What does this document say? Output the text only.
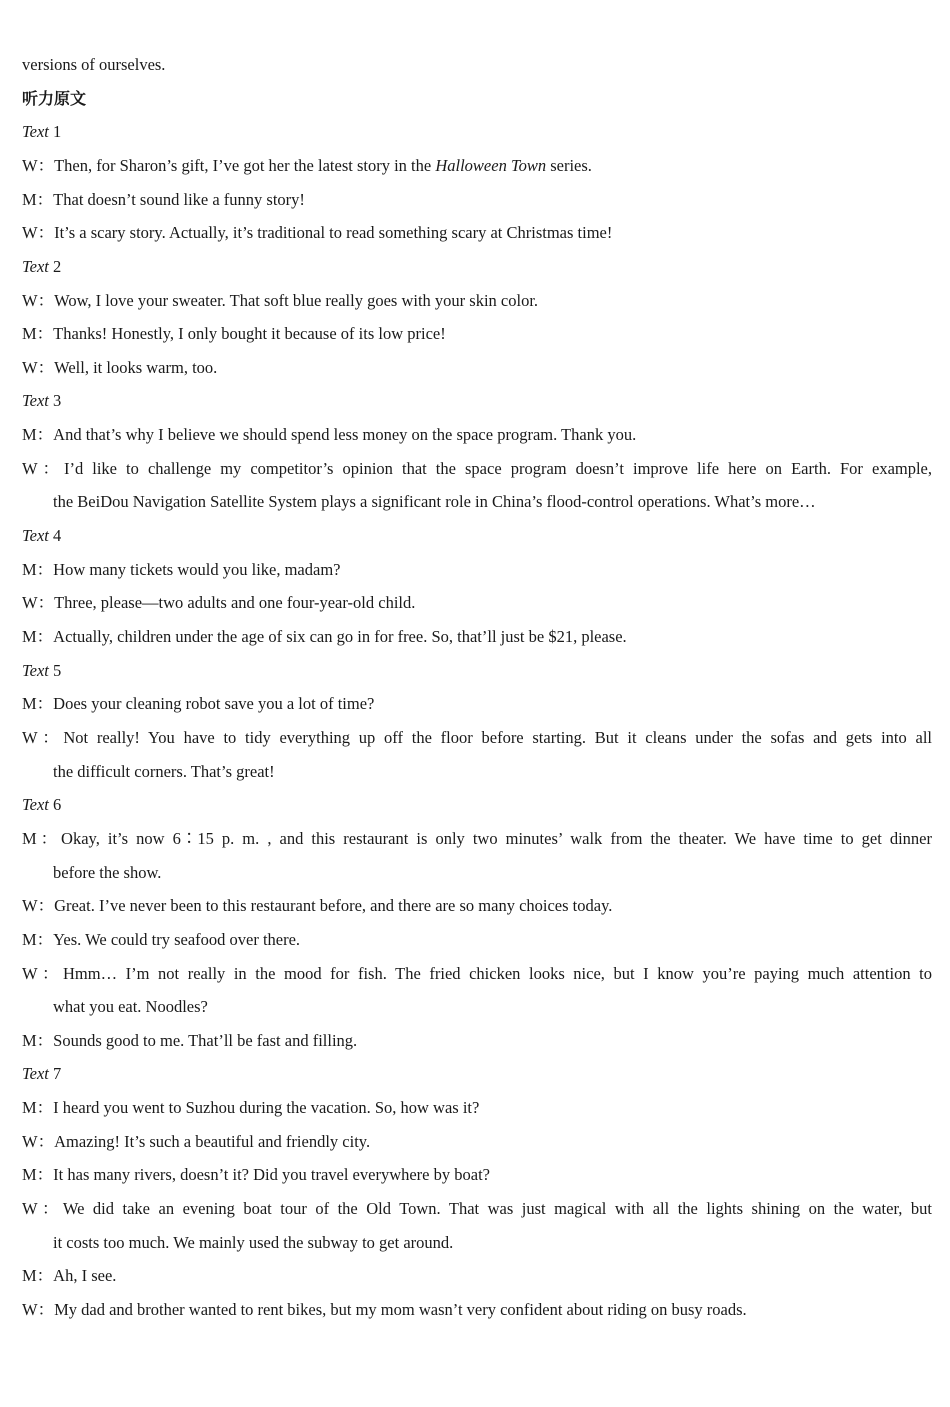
versions of ourselves.
听力原文
Text 1
W：Then, for Sharon’s gift, I’ve got her the latest story in the Halloween Town series.
M：That doesn’t sound like a funny story!
W：It’s a scary story. Actually, it’s traditional to read something scary at Christmas time!
Text 2
W：Wow, I love your sweater. That soft blue really goes with your skin color.
M：Thanks! Honestly, I only bought it because of its low price!
W：Well, it looks warm, too.
Text 3
M：And that’s why I believe we should spend less money on the space program. Thank you.
W：I’d like to challenge my competitor’s opinion that the space program doesn’t improve life here on Earth. For example,
the BeiDou Navigation Satellite System plays a significant role in China’s flood-control operations. What’s more…
Text 4
M：How many tickets would you like, madam?
W：Three, please—two adults and one four-year-old child.
M：Actually, children under the age of six can go in for free. So, that’ll just be $21, please.
Text 5
M：Does your cleaning robot save you a lot of time?
W：Not really! You have to tidy everything up off the floor before starting. But it cleans under the sofas and gets into all
the difficult corners. That’s great!
Text 6
M：Okay, it’s now 6∶15 p. m. , and this restaurant is only two minutes’ walk from the theater. We have time to get dinner
before the show.
W：Great. I’ve never been to this restaurant before, and there are so many choices today.
M：Yes. We could try seafood over there.
W：Hmm… I’m not really in the mood for fish. The fried chicken looks nice, but I know you’re paying much attention to
what you eat. Noodles?
M：Sounds good to me. That’ll be fast and filling.
Text 7
M：I heard you went to Suzhou during the vacation. So, how was it?
W：Amazing! It’s such a beautiful and friendly city.
M：It has many rivers, doesn’t it? Did you travel everywhere by boat?
W：We did take an evening boat tour of the Old Town. That was just magical with all the lights shining on the water, but
it costs too much. We mainly used the subway to get around.
M：Ah, I see.
W：My dad and brother wanted to rent bikes, but my mom wasn’t very confident about riding on busy roads.
